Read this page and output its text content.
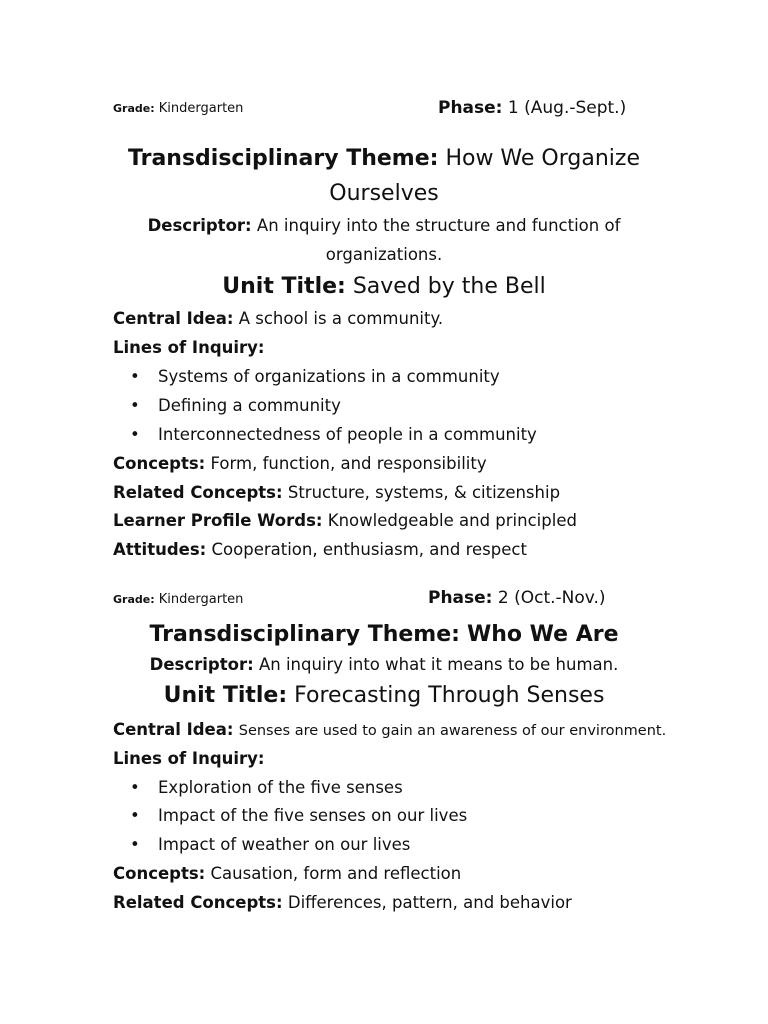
Grade: Kindergarten	Phase: 1 (Aug.-Sept.)
Transdisciplinary Theme: How We Organize
Ourselves
Descriptor: An inquiry into the structure and function of
organizations.
Unit Title: Saved by the Bell
Central Idea: A school is a community.
Lines of Inquiry:
• Systems of organizations in a community
• Defining a community
• Interconnectedness of people in a community
Concepts: Form, function, and responsibility
Related Concepts: Structure, systems, & citizenship
Learner Profile Words: Knowledgeable and principled
Attitudes: Cooperation, enthusiasm, and respect
Grade: Kindergarten	Phase: 2 (Oct.-Nov.)
Transdisciplinary Theme: Who We Are
Descriptor: An inquiry into what it means to be human.
Unit Title: Forecasting Through Senses
Central Idea: Senses are used to gain an awareness of our environment.
Lines of Inquiry:
• Exploration of the five senses
• Impact of the five senses on our lives
• Impact of weather on our lives
Concepts: Causation, form and reflection
Related Concepts: Differences, pattern, and behavior
